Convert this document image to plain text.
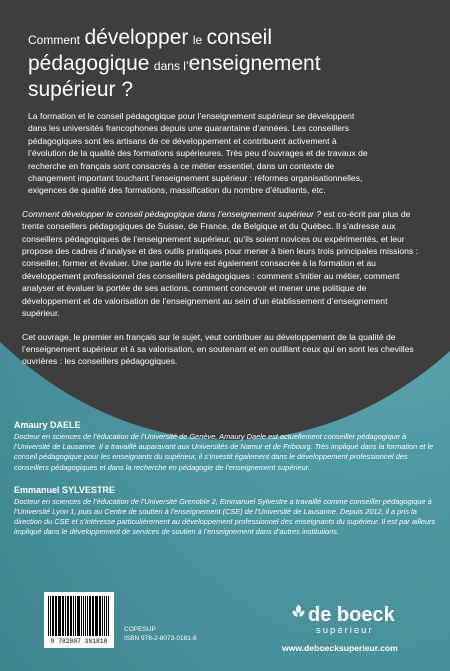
Comment développer le conseil
pédagogique dans l’enseignement
supérieur ?

La formation et le conseil pédagogique pour l’enseignement supérieur se développent dans les universités francophones depuis une quarantaine d’années. Les conseillers pédagogiques sont les artisans de ce développement et contribuent activement à l’évolution de la qualité des formations supérieures. Très peu d’ouvrages et de travaux de recherche en français sont consacrés à ce métier essentiel, dans un contexte de changement important touchant l’enseignement supérieur : réformes organisationnelles, exigences de qualité des formations, massification du nombre d’étudiants, etc.

Comment développer le conseil pédagogique dans l’enseignement supérieur ? est co-écrit par plus de trente conseillers pédagogiques de Suisse, de France, de Belgique et du Québec. Il s’adresse aux conseillers pédagogiques de l’enseignement supérieur, qu’ils soient novices ou expérimentés, et leur propose des cadres d’analyse et des outils pratiques pour mener à bien leurs trois principales missions : conseiller, former et évaluer. Une partie du livre est également consacrée à la formation et au développement professionnel des conseillers pédagogiques : comment s’initier au métier, comment analyser et évaluer la portée de ses actions, comment concevoir et mener une politique de développement et de valorisation de l’enseignement au sein d’un établissement d’enseignement supérieur.

Cet ouvrage, le premier en français sur le sujet, veut contribuer au développement de la qualité de l’enseignement supérieur et à sa valorisation, en soutenant et en outillant ceux qui en sont les chevilles ouvrières : les conseillers pédagogiques.

Amaury DAELE
Docteur en sciences de l’éducation de l’Université de Genève, Amaury Daele est actuellement conseiller pédagogique à l’Université de Lausanne. Il a travaillé auparavant aux Universités de Namur et de Fribourg. Très impliqué dans la formation et le conseil pédagogique pour les enseignants du supérieur, il s’investit également dans le développement professionnel des conseillers pédagogiques et dans la recherche en pédagogie de l’enseignement supérieur.
Emmanuel SYLVESTRE
Docteur en sciences de l’éducation de l’Université Grenoble 2, Emmanuel Sylvestre a travaillé comme conseiller pédagogique à l’Université Lyon 1, puis au Centre de soutien à l’enseignement (CSE) de l’Université de Lausanne. Depuis 2012, il a pris la direction du CSE et s’intéresse particulièrement au développement professionnel des enseignants du supérieur. Il est par ailleurs impliqué dans le développement de services de soutien à l’enseignement dans d’autres institutions.
9 782807 301818
COPESUP
ISBN 978-2-8073-0181-8
de boeck
supérieur
www.deboecksuperieur.com
